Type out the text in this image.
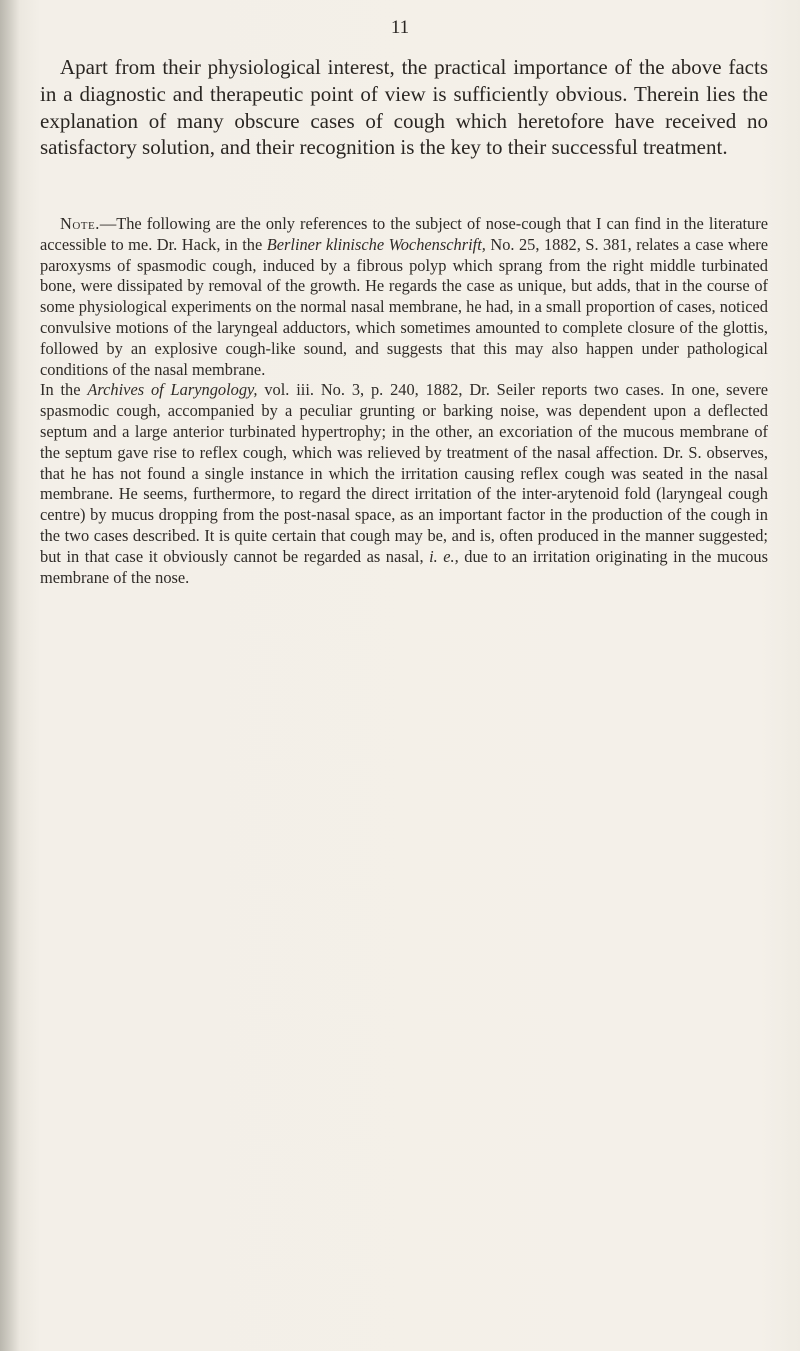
11

Apart from their physiological interest, the practical importance of the above facts in a diagnostic and therapeutic point of view is sufficiently obvious. Therein lies the explanation of many obscure cases of cough which heretofore have received no satisfactory solution, and their recognition is the key to their successful treatment.

Note.—The following are the only references to the subject of nose-cough that I can find in the literature accessible to me. Dr. Hack, in the Berliner klinische Wochenschrift, No. 25, 1882, S. 381, relates a case where paroxysms of spasmodic cough, induced by a fibrous polyp which sprang from the right middle turbinated bone, were dissipated by removal of the growth. He regards the case as unique, but adds, that in the course of some physiological experiments on the normal nasal membrane, he had, in a small proportion of cases, noticed convulsive motions of the laryngeal adductors, which sometimes amounted to complete closure of the glottis, followed by an explosive cough-like sound, and suggests that this may also happen under pathological conditions of the nasal membrane.

In the Archives of Laryngology, vol. iii. No. 3, p. 240, 1882, Dr. Seiler reports two cases. In one, severe spasmodic cough, accompanied by a peculiar grunting or barking noise, was dependent upon a deflected septum and a large anterior turbinated hypertrophy; in the other, an excoriation of the mucous membrane of the septum gave rise to reflex cough, which was relieved by treatment of the nasal affection. Dr. S. observes, that he has not found a single instance in which the irritation causing reflex cough was seated in the nasal membrane. He seems, furthermore, to regard the direct irritation of the inter-arytenoid fold (laryngeal cough centre) by mucus dropping from the post-nasal space, as an important factor in the production of the cough in the two cases described. It is quite certain that cough may be, and is, often produced in the manner suggested; but in that case it obviously cannot be regarded as nasal, i. e., due to an irritation originating in the mucous membrane of the nose.
